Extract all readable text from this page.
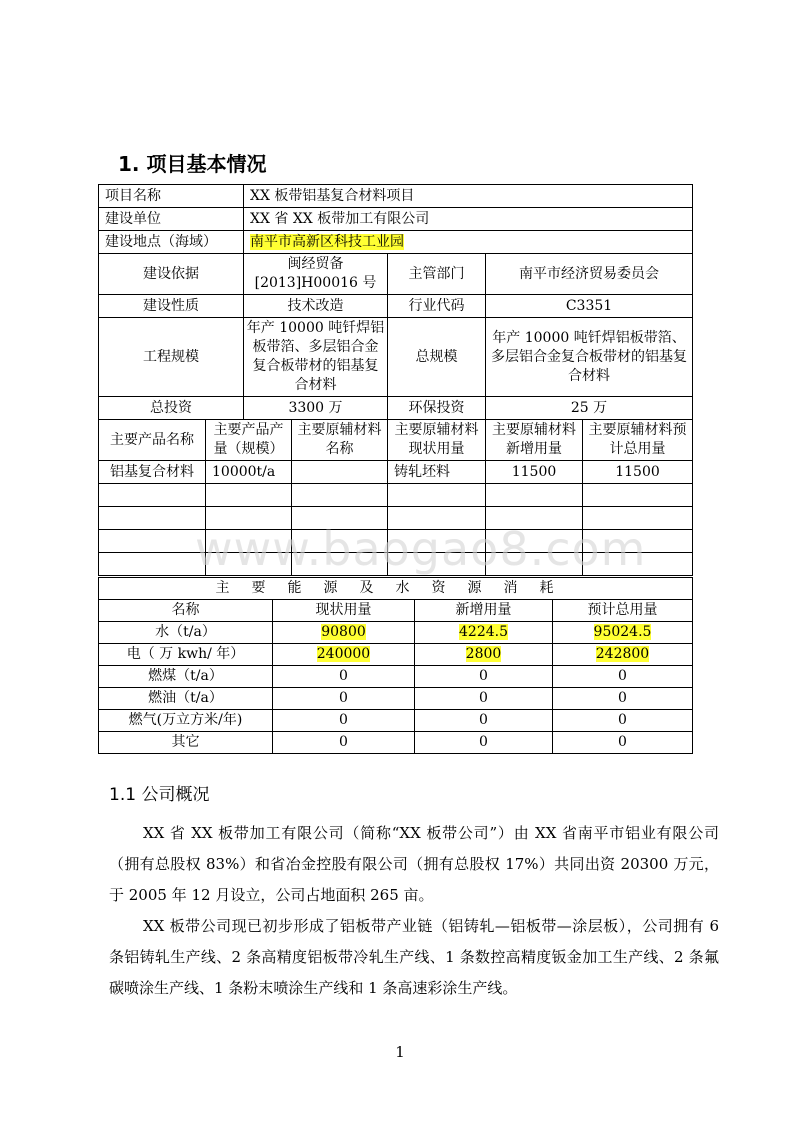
1. 项目基本情况
项目名称		XX 板带铝基复合材料项目				
建设单位		XX 省 XX 板带加工有限公司				
建设地点（海域）		南平市高新区科技工业园				
建设依据		闽经贸备[2013]H00016 号		主管部门	南平市经济贸易委员会	
建设性质		技术改造		行业代码	C3351	
工程规模		年产 10000 吨钎焊铝板带箔、多层铝合金复合板带材的铝基复合材料		总规模	年产 10000 吨钎焊铝板带箔、多层铝合金复合板带材的铝基复合材料	
总投资		3300 万		环保投资	25 万	
主要产品名称	主要产品产量（规模）		主要原辅材料名称	主要原辅材料现状用量	主要原辅材料新增用量	主要原辅材料预计总用量
铝基复合材料	10000t/a			铸轧坯料	11500	11500

主要能源及水资源消耗			
名称	现状用量	新增用量	预计总用量
水（t/a）	90800	4224.5	95024.5
电（ 万 kwh/ 年）	240000	2800	242800
燃煤（t/a）	0	0	0
燃油（t/a）	0	0	0
燃气(万立方米/年)	0	0	0
其它	0	0	0
1.1 公司概况
XX 省 XX 板带加工有限公司（简称“XX 板带公司”）由 XX 省南平市铝业有限公司（拥有总股权 83%）和省冶金控股有限公司（拥有总股权 17%）共同出资 20300 万元，于 2005 年 12 月设立，公司占地面积 265 亩。
XX 板带公司现已初步形成了铝板带产业链（铝铸轧—铝板带—涂层板），公司拥有 6 条铝铸轧生产线、2 条高精度铝板带冷轧生产线、1 条数控高精度钣金加工生产线、2 条氟碳喷涂生产线、1 条粉末喷涂生产线和 1 条高速彩涂生产线。
1
www.baogao8.com
